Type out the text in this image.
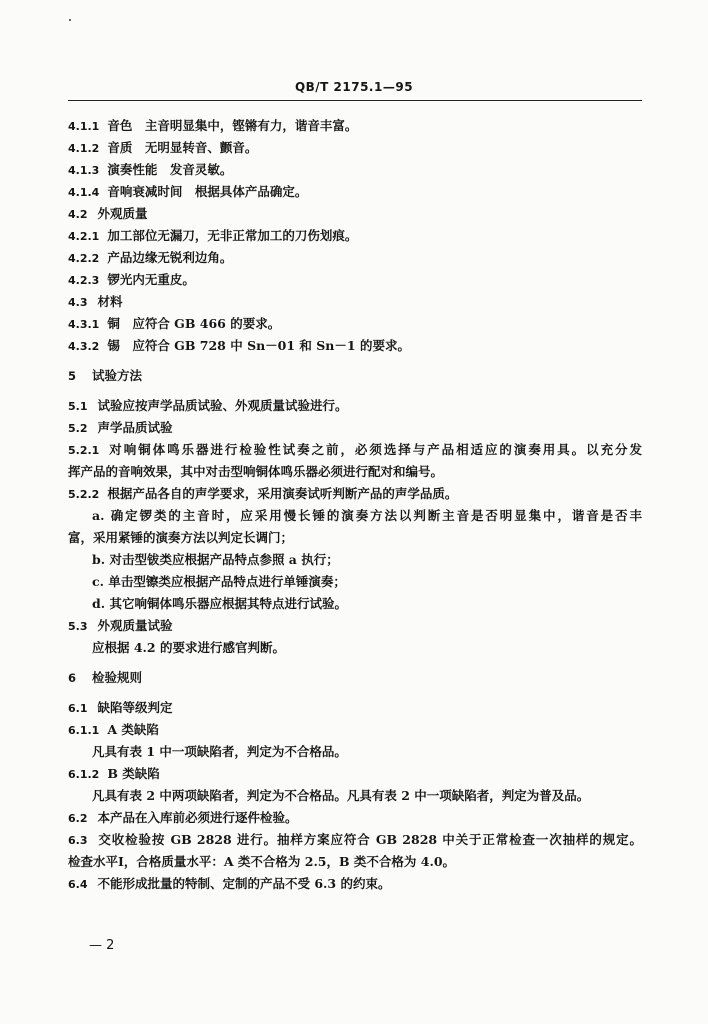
QB/T 2175.1—95
4.1.1 音色　主音明显集中，铿锵有力，谐音丰富。
4.1.2 音质　无明显转音、颤音。
4.1.3 演奏性能　发音灵敏。
4.1.4 音响衰减时间　根据具体产品确定。
4.2 外观质量
4.2.1 加工部位无漏刀，无非正常加工的刀伤划痕。
4.2.2 产品边缘无锐利边角。
4.2.3 锣光内无重皮。
4.3 材料
4.3.1 铜　应符合 GB 466 的要求。
4.3.2 锡　应符合 GB 728 中 Sn－01 和 Sn－1 的要求。
5 试验方法
5.1 试验应按声学品质试验、外观质量试验进行。
5.2 声学品质试验
5.2.1 对响铜体鸣乐器进行检验性试奏之前，必须选择与产品相适应的演奏用具。以充分发
挥产品的音响效果，其中对击型响铜体鸣乐器必须进行配对和编号。
5.2.2 根据产品各自的声学要求，采用演奏试听判断产品的声学品质。
a. 确定锣类的主音时，应采用慢长锤的演奏方法以判断主音是否明显集中，谐音是否丰
富，采用紧锤的演奏方法以判定长调门；
b. 对击型钹类应根据产品特点参照 a 执行；
c. 单击型镲类应根据产品特点进行单锤演奏；
d. 其它响铜体鸣乐器应根据其特点进行试验。
5.3 外观质量试验
应根据 4.2 的要求进行感官判断。
6 检验规则
6.1 缺陷等级判定
6.1.1 A 类缺陷
凡具有表 1 中一项缺陷者，判定为不合格品。
6.1.2 B 类缺陷
凡具有表 2 中两项缺陷者，判定为不合格品。凡具有表 2 中一项缺陷者，判定为普及品。
6.2 本产品在入库前必须进行逐件检验。
6.3 交收检验按 GB 2828 进行。抽样方案应符合 GB 2828 中关于正常检查一次抽样的规定。
检查水平Ⅰ，合格质量水平：A 类不合格为 2.5，B 类不合格为 4.0。
6.4 不能形成批量的特制、定制的产品不受 6.3 的约束。
— 2
